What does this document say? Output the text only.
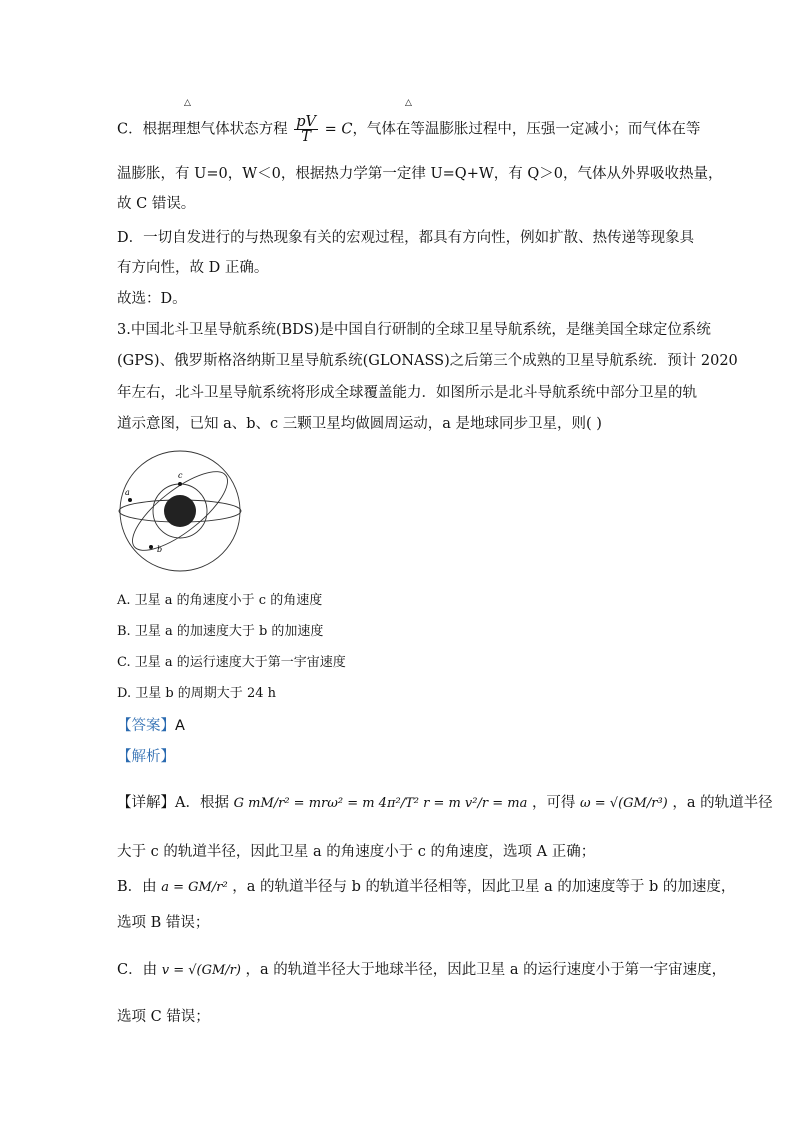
△	△
C．根据理想气体状态方程 $\frac{pV}{T} = C$，气体在等温膨胀过程中，压强一定减小；而气体在等
温膨胀，有 U=0，W＜0，根据热力学第一定律 U=Q+W，有 Q＞0，气体从外界吸收热量，
故 C 错误。
D．一切自发进行的与热现象有关的宏观过程，都具有方向性，例如扩散、热传递等现象具
有方向性，故 D 正确。
故选：D。
3.中国北斗卫星导航系统(BDS)是中国自行研制的全球卫星导航系统，是继美国全球定位系统
(GPS)、俄罗斯格洛纳斯卫星导航系统(GLONASS)之后第三个成熟的卫星导航系统．预计 2020
年左右，北斗卫星导航系统将形成全球覆盖能力．如图所示是北斗导航系统中部分卫星的轨
道示意图，已知 a、b、c 三颗卫星均做圆周运动，a 是地球同步卫星，则( )
a
c
b
A. 卫星 a 的角速度小于 c 的角速度
B. 卫星 a 的加速度大于 b 的加速度
C. 卫星 a 的运行速度大于第一宇宙速度
D. 卫星 b 的周期大于 24 h
【答案】A
【解析】
【详解】A．根据 G mM/r² = mrω² = m 4π²/T² r = m v²/r = ma ，可得 ω = √(GM/r³) ，a 的轨道半径
大于 c 的轨道半径，因此卫星 a 的角速度小于 c 的角速度，选项 A 正确；
B．由 a = GM/r² ，a 的轨道半径与 b 的轨道半径相等，因此卫星 a 的加速度等于 b 的加速度，
选项 B 错误；
C．由 v = √(GM/r) ，a 的轨道半径大于地球半径，因此卫星 a 的运行速度小于第一宇宙速度，
选项 C 错误；
